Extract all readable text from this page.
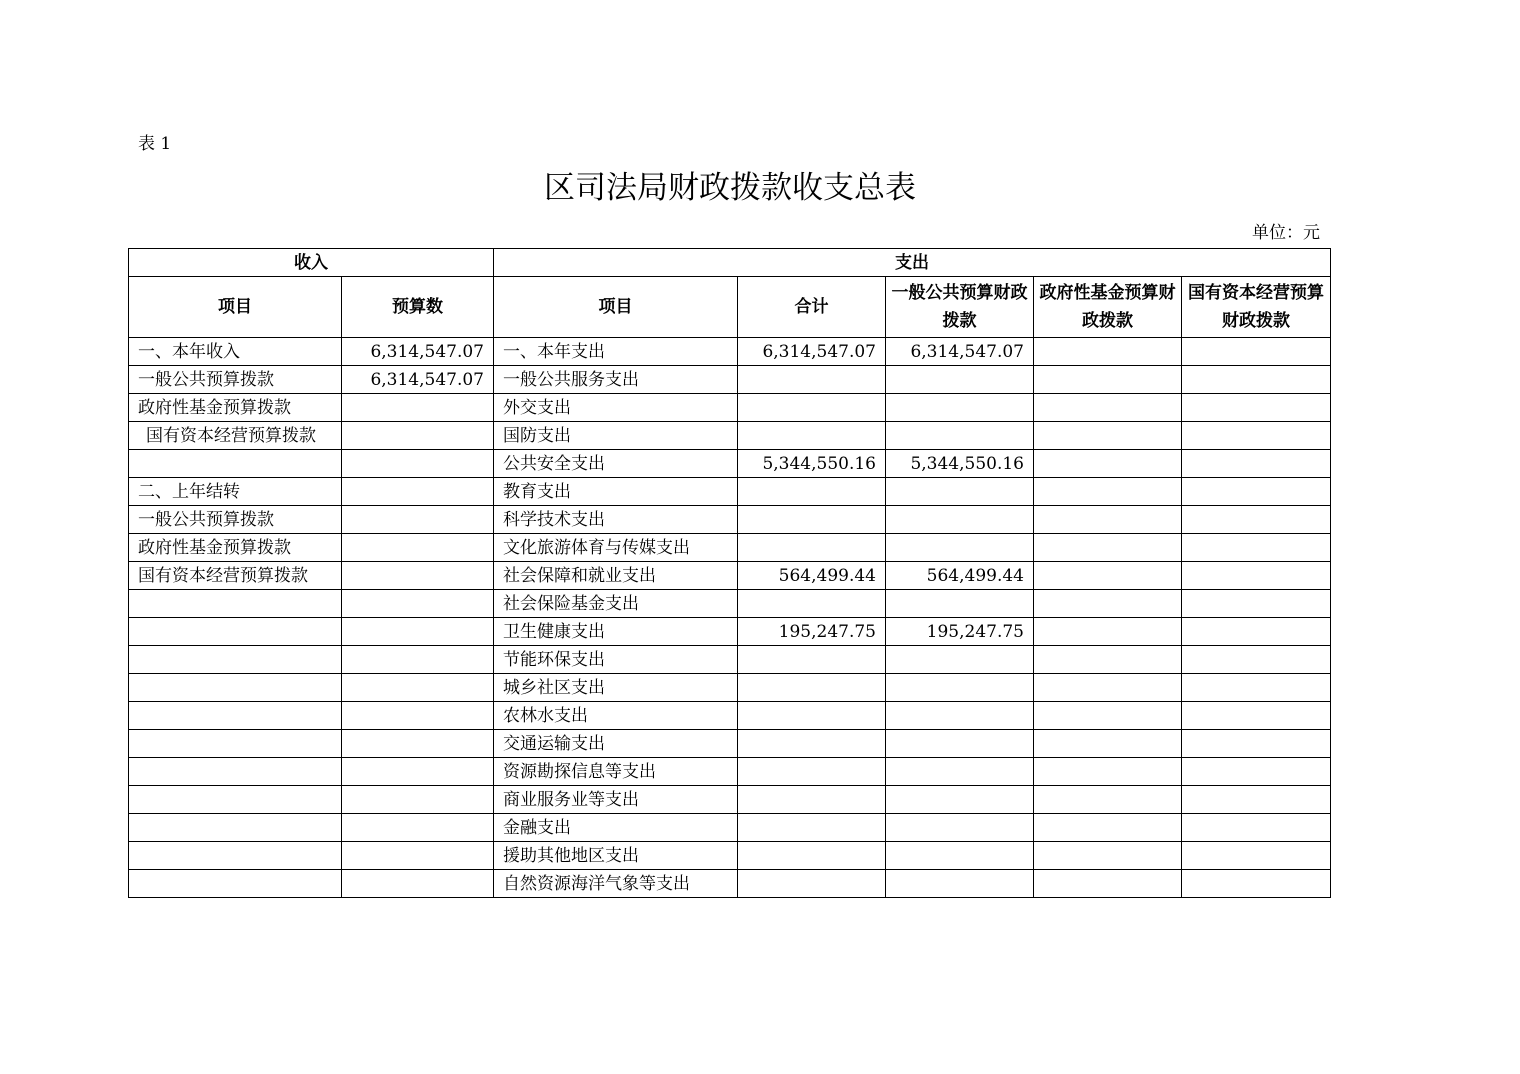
表 1
区司法局财政拨款收支总表
单位：元
收入		支出				
项目	预算数	项目	合计	一般公共预算财政拨款	政府性基金预算财政拨款	国有资本经营预算财政拨款
一、本年收入	6,314,547.07	一、本年支出	6,314,547.07	6,314,547.07		
一般公共预算拨款	6,314,547.07	一般公共服务支出				
政府性基金预算拨款		外交支出				
国有资本经营预算拨款		国防支出				
		公共安全支出	5,344,550.16	5,344,550.16		
二、上年结转		教育支出				
一般公共预算拨款		科学技术支出				
政府性基金预算拨款		文化旅游体育与传媒支出				
国有资本经营预算拨款		社会保障和就业支出	564,499.44	564,499.44		
		社会保险基金支出				
		卫生健康支出	195,247.75	195,247.75		
		节能环保支出				
		城乡社区支出				
		农林水支出				
		交通运输支出				
		资源勘探信息等支出				
		商业服务业等支出				
		金融支出				
		援助其他地区支出				
		自然资源海洋气象等支出				
